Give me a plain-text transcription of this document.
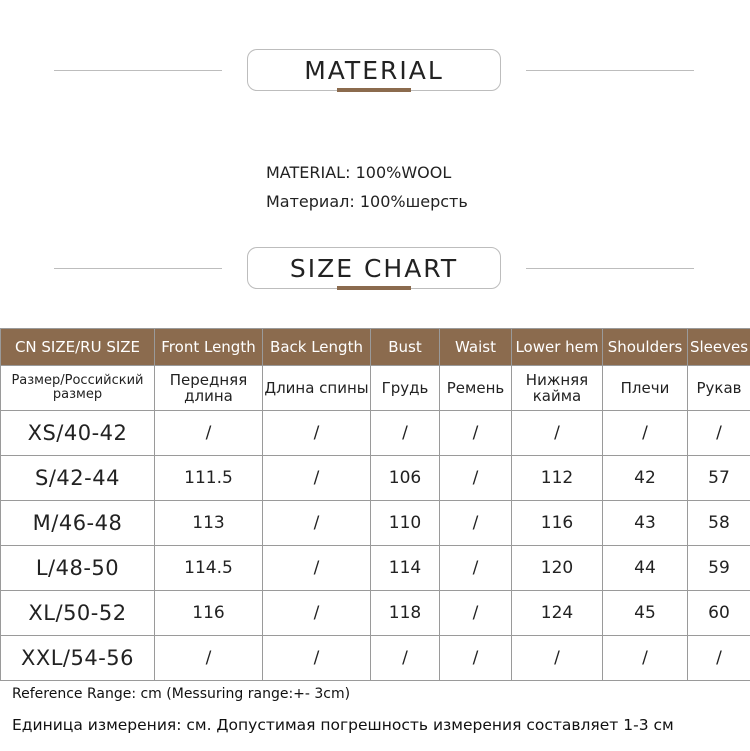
MATERIAL
MATERIAL: 100%WOOL
Материал: 100%шерсть
SIZE CHART
CN SIZE/RU SIZE	Front Length	Back Length	Bust	Waist	Lower hem	Shoulders	Sleeves
Размер/Российский размер	Передняя длина	Длина спины	Грудь	Ремень	Нижняя кайма	Плечи	Рукав
XS/40-42	/	/	/	/	/	/	/
S/42-44	111.5	/	106	/	112	42	57
M/46-48	113	/	110	/	116	43	58
L/48-50	114.5	/	114	/	120	44	59
XL/50-52	116	/	118	/	124	45	60
XXL/54-56	/	/	/	/	/	/	/
Reference Range: cm (Messuring range:+- 3cm)
Единица измерения: см. Допустимая погрешность измерения составляет 1-3 см
